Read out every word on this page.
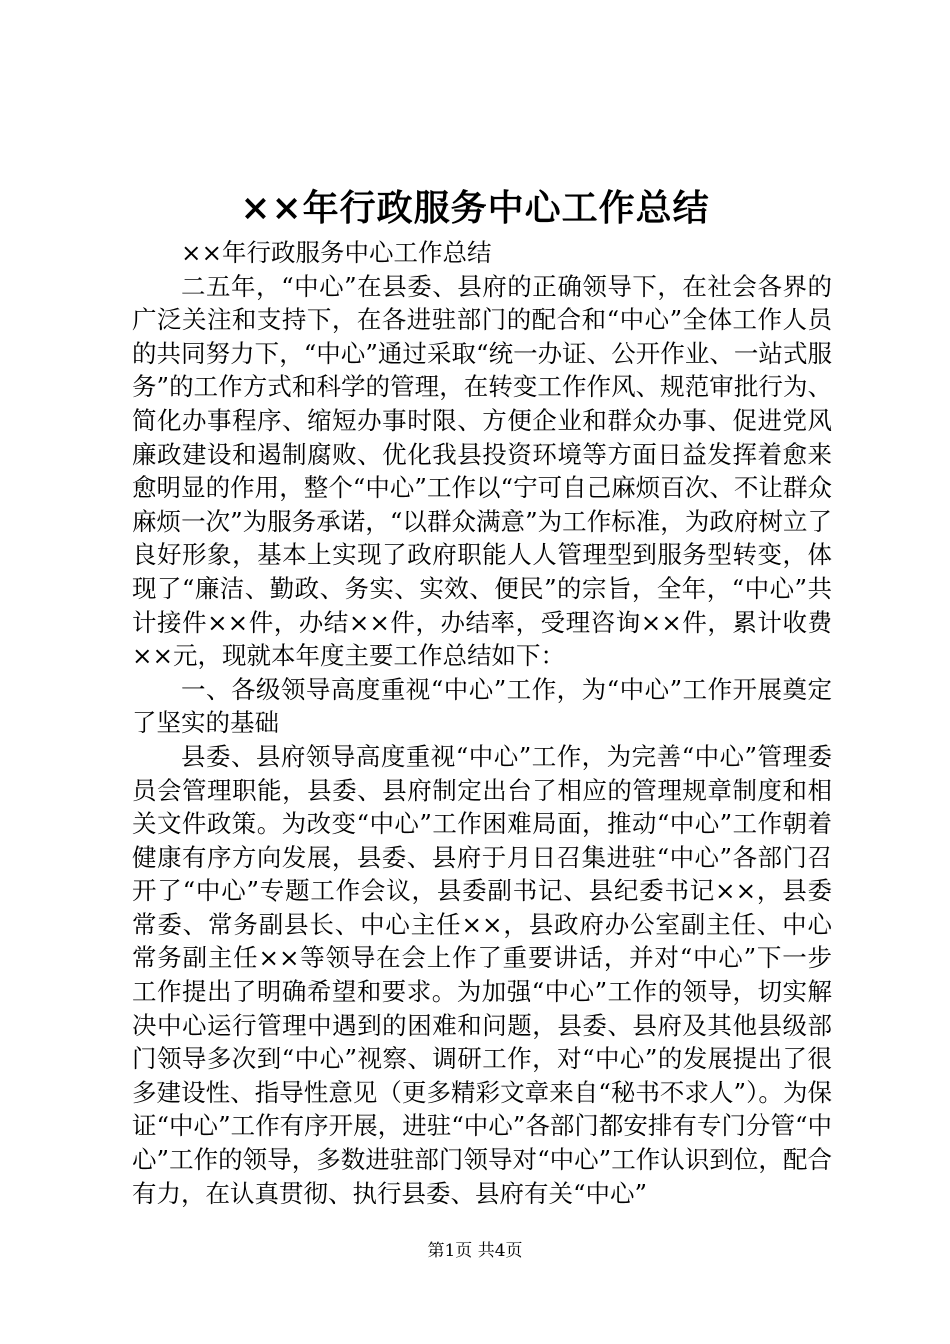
××年行政服务中心工作总结

××年行政服务中心工作总结

二五年，“中心”在县委、县府的正确领导下，在社会各界的广泛关注和支持下，在各进驻部门的配合和“中心”全体工作人员的共同努力下，“中心”通过采取“统一办证、公开作业、一站式服务”的工作方式和科学的管理，在转变工作作风、规范审批行为、简化办事程序、缩短办事时限、方便企业和群众办事、促进党风廉政建设和遏制腐败、优化我县投资环境等方面日益发挥着愈来愈明显的作用，整个“中心”工作以“宁可自己麻烦百次、不让群众麻烦一次”为服务承诺，“以群众满意”为工作标准，为政府树立了良好形象，基本上实现了政府职能人人管理型到服务型转变，体现了“廉洁、勤政、务实、实效、便民”的宗旨，全年，“中心”共计接件××件，办结××件，办结率，受理咨询××件，累计收费××元，现就本年度主要工作总结如下：

一、各级领导高度重视“中心”工作，为“中心”工作开展奠定了坚实的基础

县委、县府领导高度重视“中心”工作，为完善“中心”管理委员会管理职能，县委、县府制定出台了相应的管理规章制度和相关文件政策。为改变“中心”工作困难局面，推动“中心”工作朝着健康有序方向发展，县委、县府于月日召集进驻“中心”各部门召开了“中心”专题工作会议，县委副书记、县纪委书记××，县委常委、常务副县长、中心主任××，县政府办公室副主任、中心常务副主任××等领导在会上作了重要讲话，并对“中心”下一步工作提出了明确希望和要求。为加强“中心”工作的领导，切实解决中心运行管理中遇到的困难和问题，县委、县府及其他县级部门领导多次到“中心”视察、调研工作，对“中心”的发展提出了很多建设性、指导性意见（更多精彩文章来自“秘书不求人”）。为保证“中心”工作有序开展，进驻“中心”各部门都安排有专门分管“中心”工作的领导，多数进驻部门领导对“中心”工作认识到位，配合有力，在认真贯彻、执行县委、县府有关“中心”

第1页 共4页
